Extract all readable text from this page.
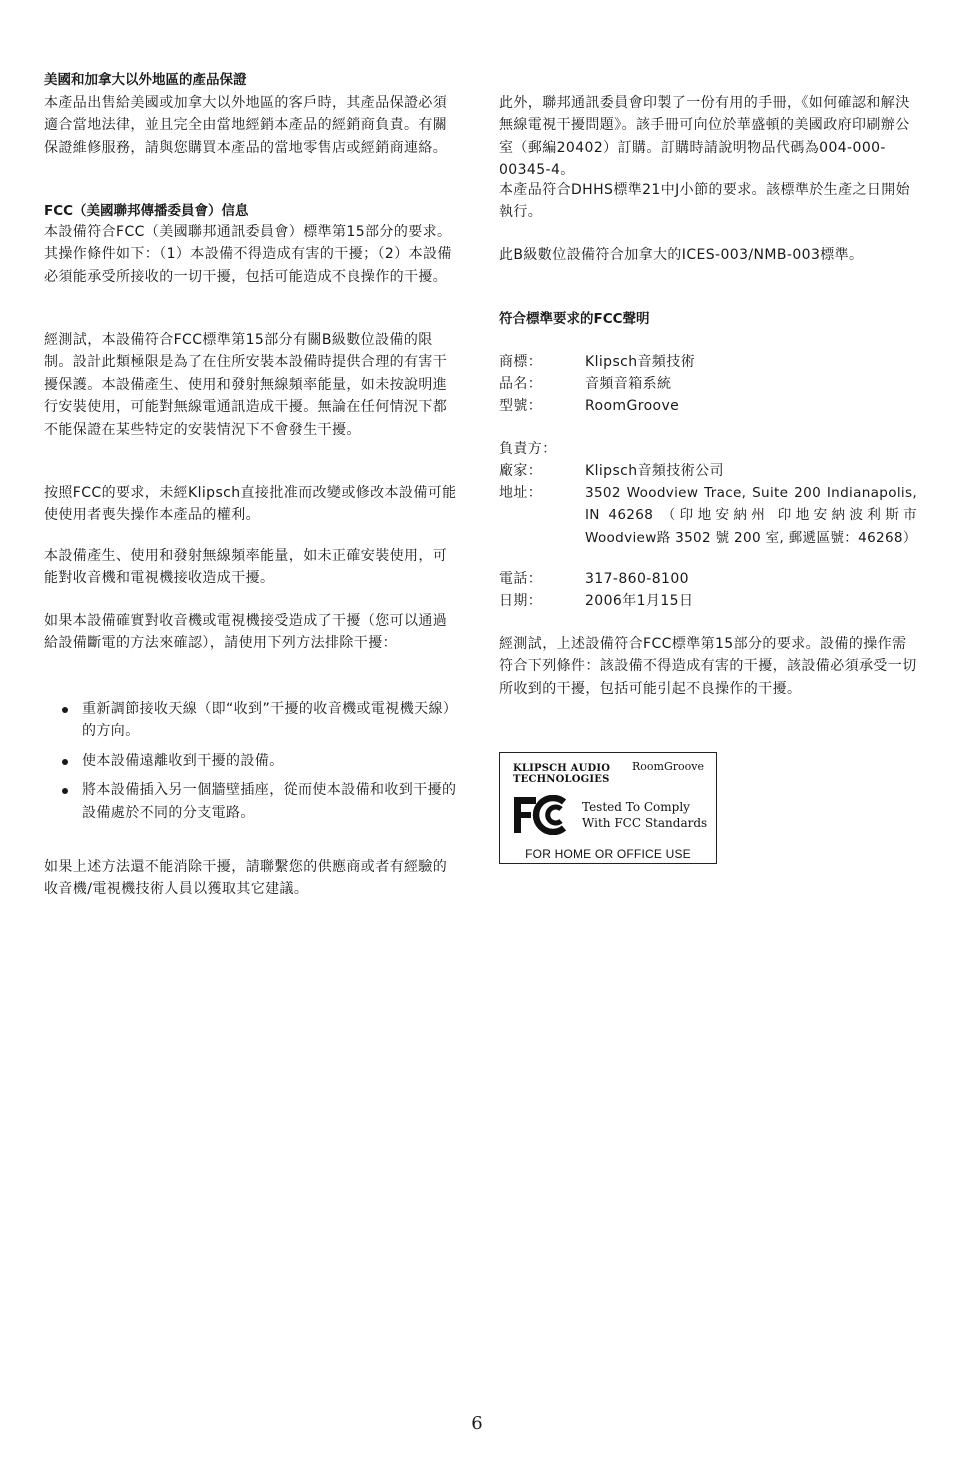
美國和加拿大以外地區的產品保證

本產品出售給美國或加拿大以外地區的客戶時，其產品保證必須適合當地法律，並且完全由當地經銷本產品的經銷商負責。有關保證維修服務，請與您購買本產品的當地零售店或經銷商連絡。

FCC（美國聯邦傳播委員會）信息

本設備符合FCC（美國聯邦通訊委員會）標準第15部分的要求。其操作條件如下：（1）本設備不得造成有害的干擾；（2）本設備必須能承受所接收的一切干擾，包括可能造成不良操作的干擾。

經測試，本設備符合FCC標準第15部分有關B級數位設備的限制。設計此類極限是為了在住所安裝本設備時提供合理的有害干擾保護。本設備產生、使用和發射無線頻率能量，如未按說明進行安裝使用，可能對無線電通訊造成干擾。無論在任何情況下都不能保證在某些特定的安裝情況下不會發生干擾。

按照FCC的要求，未經Klipsch直接批准而改變或修改本設備可能使使用者喪失操作本產品的權利。

本設備產生、使用和發射無線頻率能量，如未正確安裝使用，可能對收音機和電視機接收造成干擾。

如果本設備確實對收音機或電視機接受造成了干擾（您可以通過給設備斷電的方法來確認），請使用下列方法排除干擾：

重新調節接收天線（即“收到”干擾的收音機或電視機天線）的方向。
使本設備遠離收到干擾的設備。
將本設備插入另一個牆壁插座，從而使本設備和收到干擾的設備處於不同的分支電路。

如果上述方法還不能消除干擾，請聯繫您的供應商或者有經驗的收音機/電視機技術人員以獲取其它建議。

此外，聯邦通訊委員會印製了一份有用的手冊，《如何確認和解決無線電視干擾問題》。該手冊可向位於華盛頓的美國政府印刷辦公室（郵編20402）訂購。訂購時請說明物品代碼為004-000-00345-4。

本產品符合DHHS標準21中J小節的要求。該標準於生產之日開始執行。

此B級數位設備符合加拿大的ICES-003/NMB-003標準。

符合標準要求的FCC聲明
商標：	Klipsch音頻技術
品名：	音頻音箱系統
型號：	RoomGroove
負責方：
廠家：	Klipsch音頻技術公司
地址：	3502 Woodview Trace, Suite 200 Indianapolis, IN 46268 （印地安納州 印地安納波利斯市Woodview路 3502 號 200 室, 郵遞區號：46268）
電話：	317-860-8100
日期：	2006年1月15日

經測試，上述設備符合FCC標準第15部分的要求。設備的操作需符合下列條件：該設備不得造成有害的干擾，該設備必須承受一切所收到的干擾，包括可能引起不良操作的干擾。

KLIPSCH AUDIO
TECHNOLOGIES
RoomGroove
Tested To Comply
With FCC Standards
FOR HOME OR OFFICE USE
6
